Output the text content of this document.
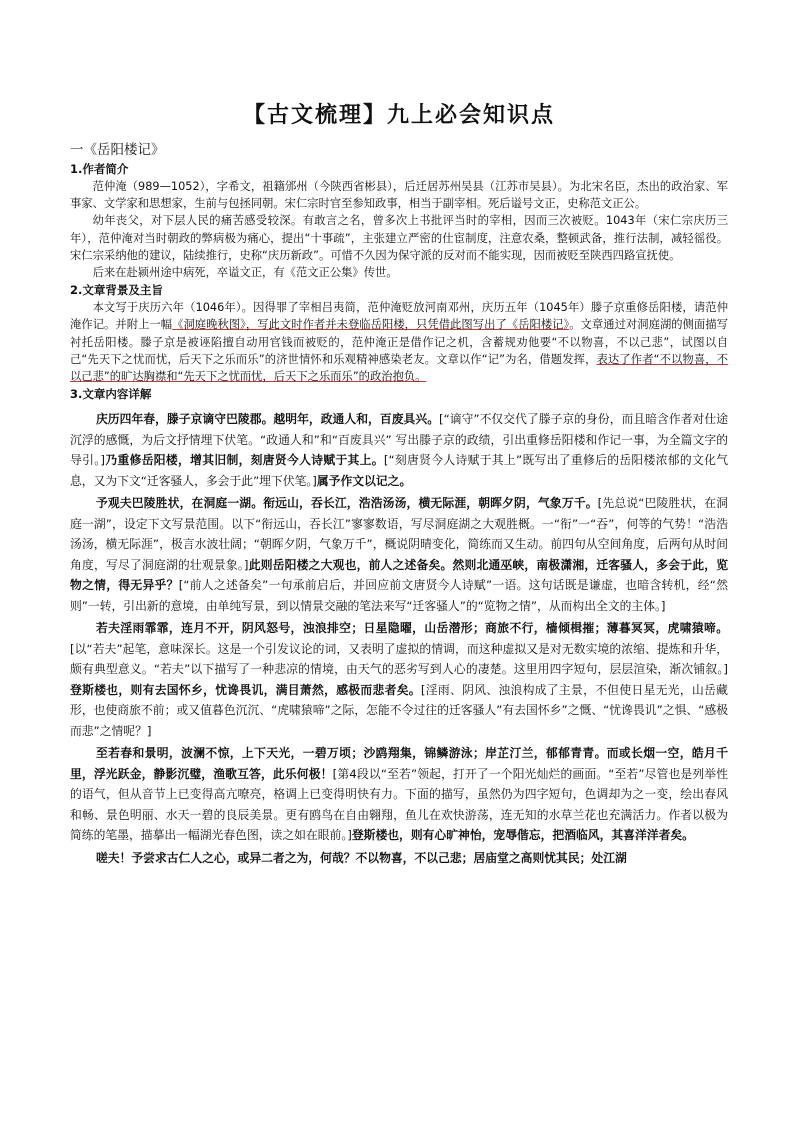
【古文梳理】九上必会知识点
一《岳阳楼记》
1.作者简介

范仲淹（989—1052），字希文，祖籍邠州（今陕西省彬县），后迁居苏州吴县（江苏市吴县）。为北宋名臣，杰出的政治家、军事家、文学家和思想家，生前与包拯同朝。宋仁宗时官至参知政事，相当于副宰相。死后谥号文正，史称范文正公。

幼年丧父，对下层人民的痛苦感受较深。有敢言之名，曾多次上书批评当时的宰相，因而三次被贬。1043年（宋仁宗庆历三年），范仲淹对当时朝政的弊病极为痛心，提出“十事疏”，主张建立严密的仕宦制度，注意农桑，整顿武备，推行法制，减轻徭役。宋仁宗采纳他的建议，陆续推行，史称“庆历新政”。可惜不久因为保守派的反对而不能实现，因而被贬至陕西四路宣抚使。

后来在赴颍州途中病死，卒谥文正，有《范文正公集》传世。

2.文章背景及主旨

本文写于庆历六年（1046年）。因得罪了宰相吕夷简，范仲淹贬放河南邓州，庆历五年（1045年）滕子京重修岳阳楼，请范仲淹作记。并附上一幅《洞庭晚秋图》，写此文时作者并未登临岳阳楼，只凭借此图写出了《岳阳楼记》。文章通过对洞庭湖的侧面描写衬托岳阳楼。滕子京是被诬陷擅自动用官钱而被贬的，范仲淹正是借作记之机，含蓄规劝他要“不以物喜，不以己悲”，试图以自己“先天下之忧而忧，后天下之乐而乐”的济世情怀和乐观精神感染老友。文章以作“记”为名，借题发挥，表达了作者“不以物喜，不以己悲”的旷达胸襟和“先天下之忧而忧，后天下之乐而乐”的政治抱负。

3.文章内容详解

庆历四年春，滕子京谪守巴陵郡。越明年，政通人和，百废具兴。[“谪守”不仅交代了滕子京的身份，而且暗含作者对仕途沉浮的感慨，为后文抒情埋下伏笔。“政通人和”和“百废具兴” 写出滕子京的政绩，引出重修岳阳楼和作记一事，为全篇文字的导引。]乃重修岳阳楼，增其旧制，刻唐贤今人诗赋于其上。[“刻唐贤今人诗赋于其上”既写出了重修后的岳阳楼浓郁的文化气息，又为下文“迁客骚人，多会于此”埋下伏笔。]属予作文以记之。

予观夫巴陵胜状，在洞庭一湖。衔远山，吞长江，浩浩汤汤，横无际涯，朝晖夕阴，气象万千。[先总说“巴陵胜状，在洞庭一湖”，设定下文写景范围。以下“衔远山，吞长江”寥寥数语，写尽洞庭湖之大观胜概。一“衔”一“吞”，何等的气势！“浩浩汤汤，横无际涯”，极言水波壮阔；“朝晖夕阴，气象万千”，概说阴晴变化，简练而又生动。前四句从空间角度，后两句从时间角度，写尽了洞庭湖的壮观景象。]此则岳阳楼之大观也，前人之述备矣。然则北通巫峡，南极潇湘，迁客骚人，多会于此，览物之情，得无异乎？[“前人之述备矣”一句承前启后，并回应前文唐贤今人诗赋”一语。这句话既是谦虚，也暗含转机，经“然则”一转，引出新的意境，由单纯写景，到以情景交融的笔法来写“迁客骚人”的“览物之情”，从而构出全文的主体。]

若夫淫雨霏霏，连月不开，阴风怒号，浊浪排空；日星隐曜，山岳潜形；商旅不行，樯倾楫摧；薄暮冥冥，虎啸猿啼。[以“若夫”起笔，意味深长。这是一个引发议论的词，又表明了虚拟的情调，而这种虚拟又是对无数实境的浓缩、提炼和升华，颇有典型意义。“若夫”以下描写了一种悲凉的情境，由天气的恶劣写到人心的凄楚。这里用四字短句，层层渲染，渐次铺叙。]登斯楼也，则有去国怀乡，忧谗畏讥，满目萧然，感极而悲者矣。[淫雨、阴风、浊浪构成了主景，不但使日星无光，山岳藏形，也使商旅不前；或又值暮色沉沉、“虎啸猿啼”之际，怎能不令过往的迁客骚人”有去国怀乡”之慨、“忧谗畏讥”之惧、“感极而悲”之情呢？]

至若春和景明，波澜不惊，上下天光，一碧万顷；沙鸥翔集，锦鳞游泳；岸芷汀兰，郁郁青青。而或长烟一空，皓月千里，浮光跃金，静影沉璧，渔歌互答，此乐何极！[第4段以“至若”领起，打开了一个阳光灿烂的画面。“至若”尽管也是列举性的语气，但从音节上已变得高亢嘹亮，格调上已变得明快有力。下面的描写，虽然仍为四字短句，色调却为之一变，绘出春风和畅、景色明丽、水天一碧的良辰美景。更有鸥鸟在自由翱翔，鱼儿在欢快游荡，连无知的水草兰花也充满活力。作者以极为简练的笔墨，描摹出一幅湖光春色图，读之如在眼前。]登斯楼也，则有心旷神怡，宠辱偕忘，把酒临风，其喜洋洋者矣。

嗟夫！予尝求古仁人之心，或异二者之为，何哉？不以物喜，不以己悲；居庙堂之高则忧其民；处江湖
